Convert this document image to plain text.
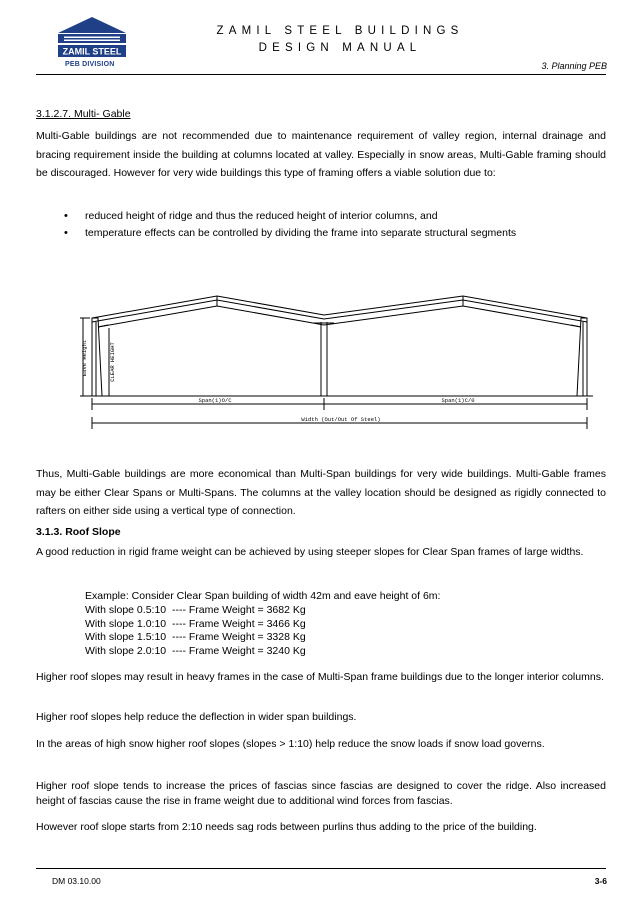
ZAMIL STEEL
PEB DIVISION
ZAMIL STEEL BUILDINGS
DESIGN MANUAL
3. Planning PEB
3.1.2.7. Multi- Gable
Multi-Gable buildings are not recommended due to maintenance requirement of valley region, internal drainage and bracing requirement inside the building at columns located at valley. Especially in snow areas, Multi-Gable framing should be discouraged. However for very wide buildings this type of framing offers a viable solution due to:
• reduced height of ridge and thus the reduced height of interior columns, and
• temperature effects can be controlled by dividing the frame into separate structural segments
Eave Height	CLEAR HEIGHT
Span(1)O/C	Span(1)C/0
Width (Out/Out Of Steel)
Thus, Multi-Gable buildings are more economical than Multi-Span buildings for very wide buildings. Multi-Gable frames may be either Clear Spans or Multi-Spans. The columns at the valley location should be designed as rigidly connected to rafters on either side using a vertical type of connection.
3.1.3. Roof Slope
A good reduction in rigid frame weight can be achieved by using steeper slopes for Clear Span frames of large widths.
Example: Consider Clear Span building of width 42m and eave height of 6m:
With slope 0.5:10  ---- Frame Weight = 3682 Kg
With slope 1.0:10  ---- Frame Weight = 3466 Kg
With slope 1.5:10  ---- Frame Weight = 3328 Kg
With slope 2.0:10  ---- Frame Weight = 3240 Kg
Higher roof slopes may result in heavy frames in the case of Multi-Span frame buildings due to the longer interior columns.
Higher roof slopes help reduce the deflection in wider span buildings.
In the areas of high snow higher roof slopes (slopes > 1:10) help reduce the snow loads if snow load governs.
Higher roof slope tends to increase the prices of fascias since fascias are designed to cover the ridge. Also increased height of fascias cause the rise in frame weight due to additional wind forces from fascias.
However roof slope starts from 2:10 needs sag rods between purlins thus adding to the price of the building.
DM 03.10.00	3-6
